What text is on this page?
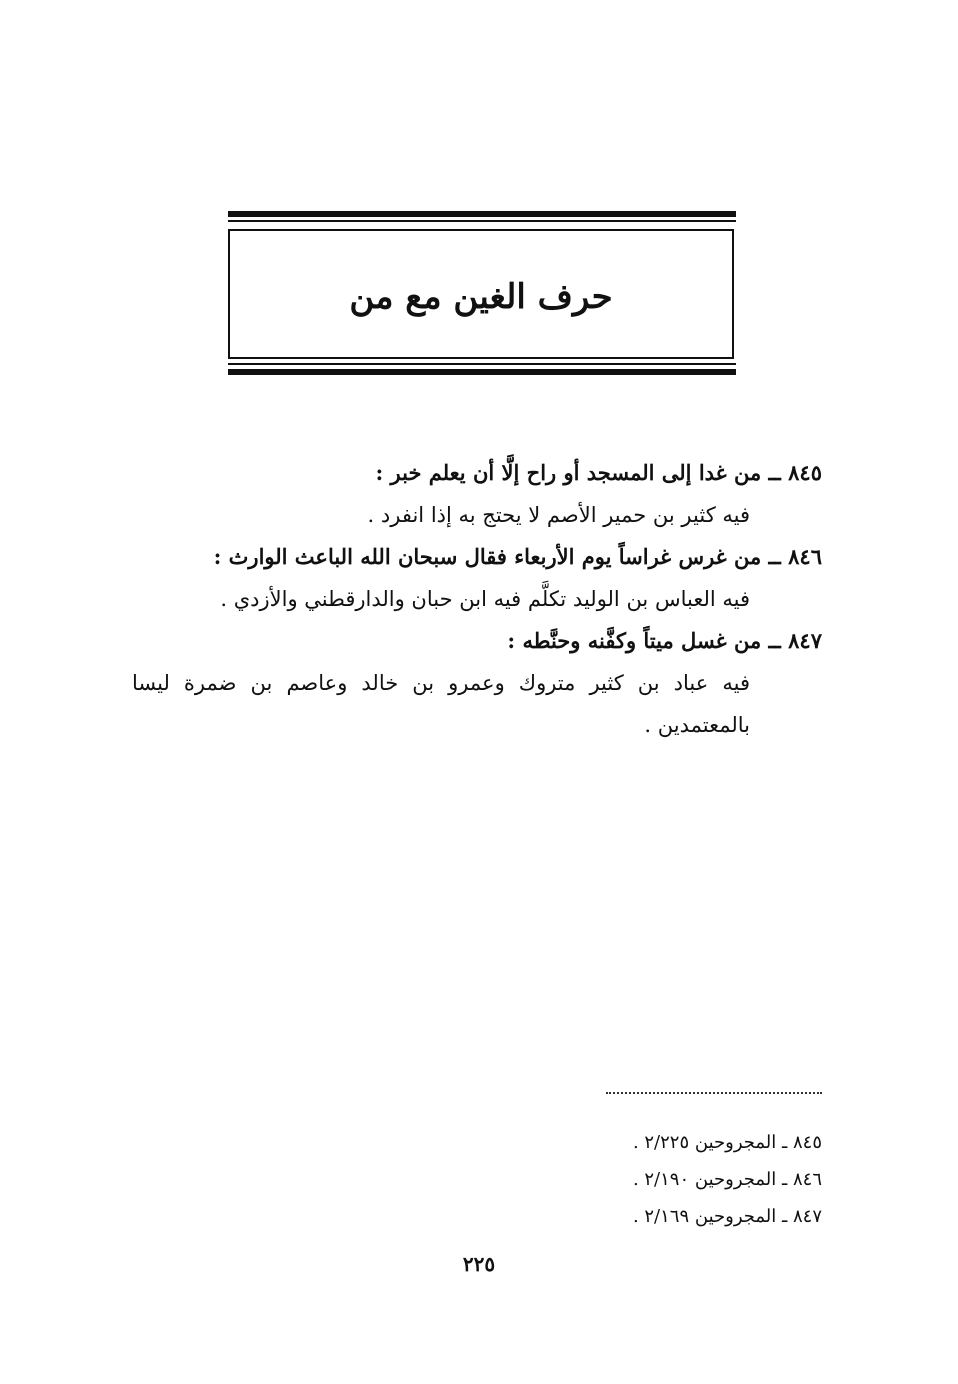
حرف الغين مع من

٨٤٥ ــ من غدا إلى المسجد أو راح إلَّا أن يعلم خبر :

فيه كثير بن حمير الأصم لا يحتج به إذا انفرد .

٨٤٦ ــ من غرس غراساً يوم الأربعاء فقال سبحان الله الباعث الوارث :

فيه العباس بن الوليد تكلَّم فيه ابن حبان والدارقطني والأزدي .

٨٤٧ ــ من غسل ميتاً وكفَّنه وحنَّطه :

فيه عباد بن كثير متروك وعمرو بن خالد وعاصم بن ضمرة ليسا بالمعتمدين .

٨٤٥ ـ المجروحين ٢/٢٢٥ .

٨٤٦ ـ المجروحين ٢/١٩٠ .

٨٤٧ ـ المجروحين ٢/١٦٩ .

٢٢٥
